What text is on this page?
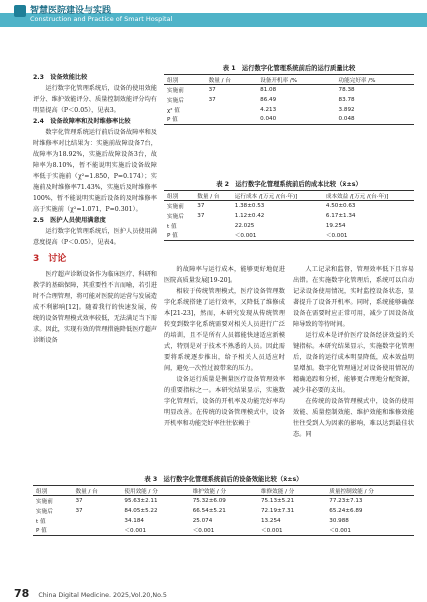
智慧医院建设与实践
Construction and Practice of Smart Hospital

2.3　设备效能比较

运行数字化管理系统后，设备的使用效能评分、维护效能评分、质量控制效能评分均有明显提高（P＜0.05），见表3。

2.4　设备故障率和及时维修率比较

数字化管理系统运行前后设备故障率和及时维修率对比结果为：实施前故障设备7台，故障率为18.92%，实施后故障设备3台，故障率为8.10%，暂不能说明实施后设备故障率低于实施前（χ²=1.850，P=0.174）；实施前及时维修率71.43%，实施后及时维修率100%，暂不能说明实施后设备的及时维修率高于实施前（χ²=1.071，P=0.301）。

2.5　医护人员使用满意度

运行数字化管理系统后，医护人员使用满意度提高（P＜0.05），见表4。

3　讨论

医疗超声诊断设备作为临床医疗、科研和教学的基础保障，其重要性不言而喻，若引进时不合理管理，将可能对医院的运营与发展造成不利影响[12]。随着我行的快速发展，传统的设备管理模式效率较低，无法满足当下需求。因此，实现有效的管理措施降低医疗超声诊断设备

表 1　运行数字化管理系统前后的运行质量比较
组别	数量 / 台	设备开机率 /%	功能完好率 /%
实施前	37	81.08	78.38
实施后	37	86.49	83.78
χ² 值		4.213	3.892
P 值		0.040	0.048
表 2　运行数字化管理系统前后的成本比较（x̄±s）
组别	数量 / 台	运行成本 /[万元 /(台·年)]	成本效益 /[万元 /(台·年)]
实施前	37	1.38±0.53	4.50±0.63
实施后	37	1.12±0.42	6.17±1.34
t 值		22.025	19.254
P 值		＜0.001	＜0.001

的故障率与运行成本，能够更好地促进医院高质量发展[19-20]。

相较于传统管理模式，医疗设备管理数字化系统搭建了运行效率，又降低了维修成本[21-23]，然而，本研究发现从传统管理转变到数字化系统需要对相关人员进行广泛的培训，且不是所有人员都能快速适应新模式，特别是对于技术不熟悉的人员。因此需要将系统逐步推出，给予相关人员适应时间，避免一次性过渡带来的压力。

设备运行质量是衡量医疗设备管理效率的重要指标之一。本研究结果显示，实施数字化管理后，设备的开机率及功能完好率均明显改善。在传统的设备管理模式中，设备开机率和功能完好率往往依赖于

人工记录和监督，管理效率低下且容易出错。在实施数字化管理后，系统可以自动记录设备使用情况，实时监控设备状态，显著提升了设备开机率。同时，系统能够确保设备在需要时应正常可用，减少了因设备故障导致的等待时间。

运行成本是评价医疗设备经济效益的关键指标。本研究结果显示，实施数字化管理后，设备的运行成本明显降低，成本效益明显增加。数字化管理通过对设备使用情况的精确追踪和分析，能够更合理地分配资源，减少非必要的支出。

在传统的设备管理模式中，设备的使用效能、质量控制效能、维护效能和维修效能往往受到人为因素的影响，难以达到最佳状态。同

表 3　运行数字化管理系统前后的设备效能比较（x̄±s）
组别	数量 / 台	使用效能 / 分	维护效能 / 分	维修效能 / 分	质量控制效能 / 分
实施前	37	95.63±2.11	75.32±6.09	75.13±5.21	77.23±7.13
实施后	37	84.05±5.22	66.54±5.21	72.19±7.31	65.24±6.89
t 值		34.184	25.074	13.254	30.988
P 值		＜0.001	＜0.001	＜0.001	＜0.001
78 China Digital Medicine. 2025,Vol.20,No.5
